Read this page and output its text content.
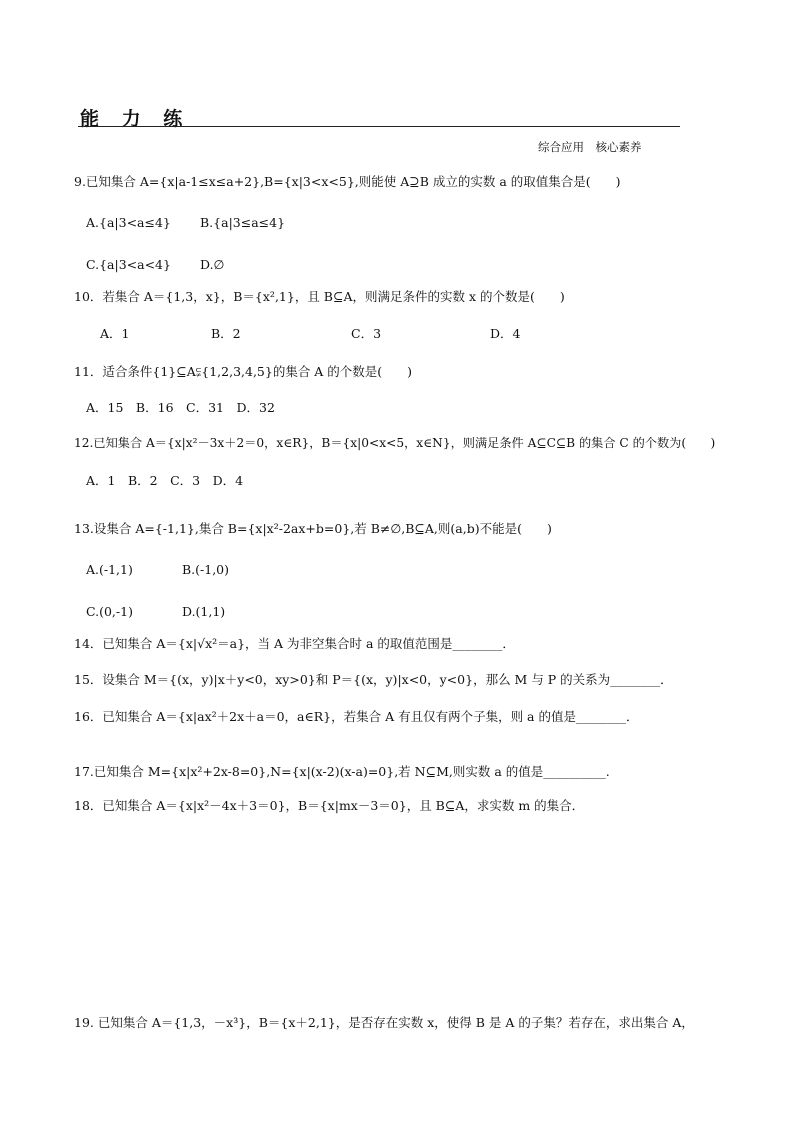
能 力 练
综合应用　核心素养
9.已知集合 A={x|a-1≤x≤a+2},B={x|3<x<5},则能使 A⊇B 成立的实数 a 的取值集合是(　　)
A.{a|3<a≤4} B.{a|3≤a≤4}
C.{a|3<a<4} D.∅
10．若集合 A＝{1,3，x}，B＝{x²,1}，且 B⊆A，则满足条件的实数 x 的个数是(　　)
A．1	B．2	C．3	D．4
11．适合条件{1}⊆A⫋{1,2,3,4,5}的集合 A 的个数是(　　)
A．15　B．16　C．31　D．32
12.已知集合 A＝{x|x²－3x＋2＝0，x∈R}，B＝{x|0<x<5，x∈N}，则满足条件 A⊆C⊆B 的集合 C 的个数为(　　)
A．1　B．2　C．3　D．4
13.设集合 A={-1,1},集合 B={x|x²-2ax+b=0},若 B≠∅,B⊆A,则(a,b)不能是(　　)
A.(-1,1)	B.(-1,0)
C.(0,-1)	D.(1,1)
14．已知集合 A＝{x|√x²＝a}，当 A 为非空集合时 a 的取值范围是________．
15．设集合 M＝{(x，y)|x＋y<0，xy>0}和 P＝{(x，y)|x<0，y<0}，那么 M 与 P 的关系为________．
16．已知集合 A＝{x|ax²＋2x＋a＝0，a∈R}，若集合 A 有且仅有两个子集，则 a 的值是________．
17.已知集合 M={x|x²+2x-8=0},N={x|(x-2)(x-a)=0},若 N⊆M,则实数 a 的值是__________.
18．已知集合 A＝{x|x²－4x＋3＝0}，B＝{x|mx－3＝0}，且 B⊆A，求实数 m 的集合．
19. 已知集合 A＝{1,3，－x³}，B＝{x＋2,1}，是否存在实数 x，使得 B 是 A 的子集？若存在，求出集合 A，
